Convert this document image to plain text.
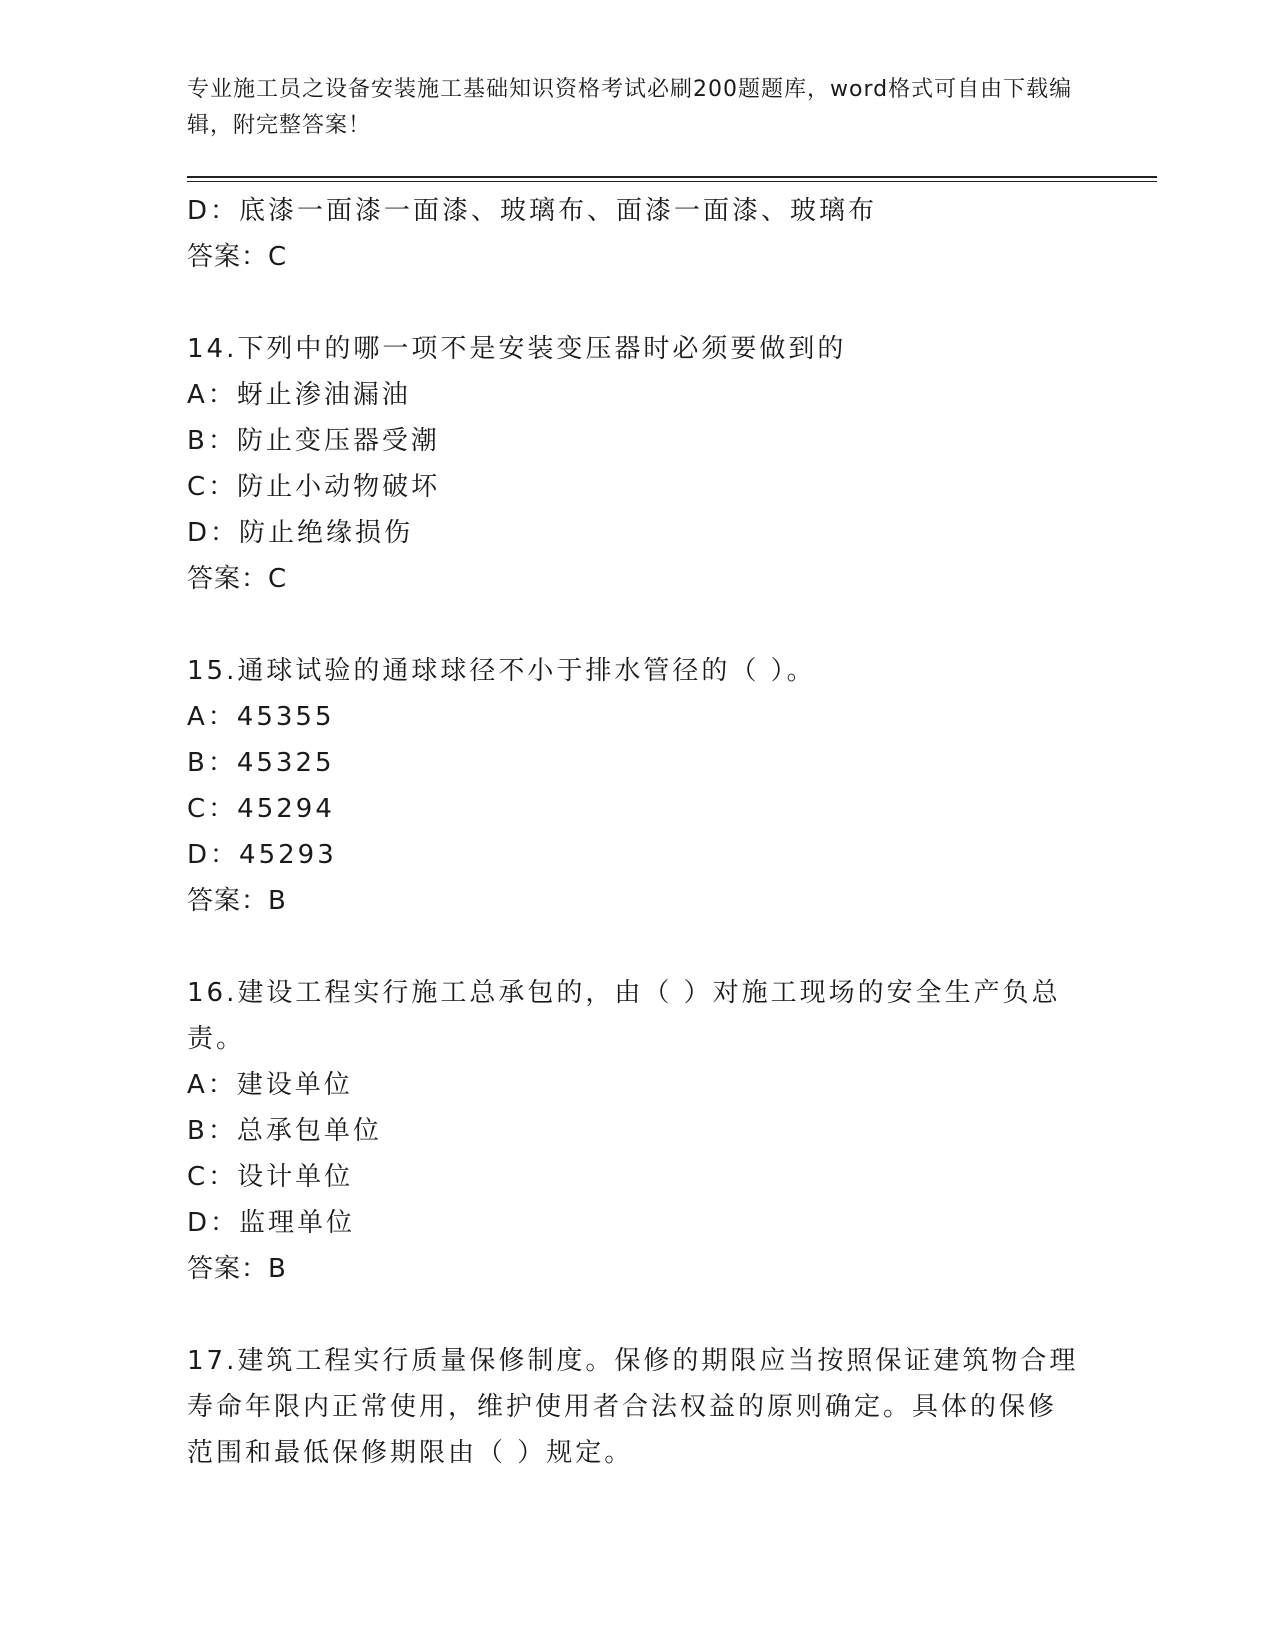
专业施工员之设备安装施工基础知识资格考试必刷200题题库，word格式可自由下载编辑，附完整答案！
D：底漆一面漆一面漆、玻璃布、面漆一面漆、玻璃布
答案：C
14.下列中的哪一项不是安装变压器时必须要做到的
A：蚜止渗油漏油
B：防止变压器受潮
C：防止小动物破坏
D：防止绝缘损伤
答案：C
15.通球试验的通球球径不小于排水管径的（ ）。
A：45355
B：45325
C：45294
D：45293
答案：B
16.建设工程实行施工总承包的，由（ ）对施工现场的安全生产负总
责。
A：建设单位
B：总承包单位
C：设计单位
D：监理单位
答案：B
17.建筑工程实行质量保修制度。保修的期限应当按照保证建筑物合理
寿命年限内正常使用，维护使用者合法权益的原则确定。具体的保修
范围和最低保修期限由（ ）规定。
